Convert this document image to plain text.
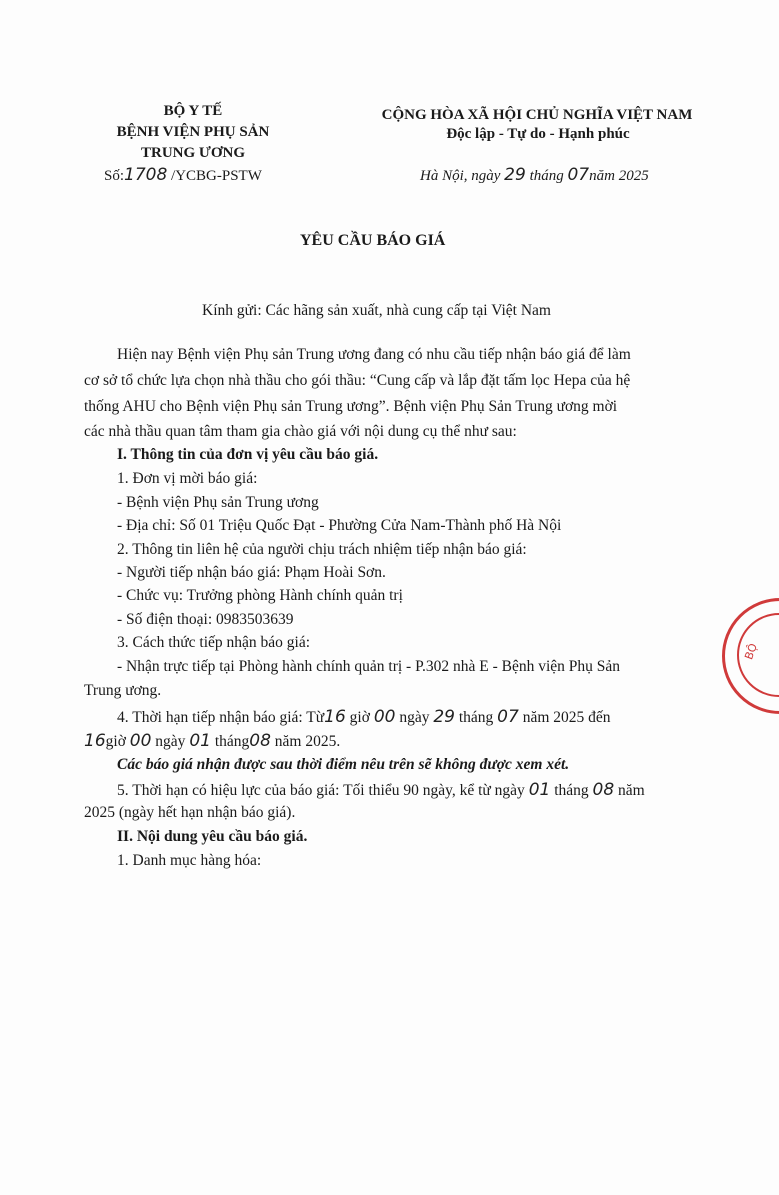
BỘ Y TẾ
BỆNH VIỆN PHỤ SẢN
TRUNG ƯƠNG
Số:1708 /YCBG-PSTW
CỘNG HÒA XÃ HỘI CHỦ NGHĨA VIỆT NAM
Độc lập - Tự do - Hạnh phúc
Hà Nội, ngày 29 tháng 07năm 2025
YÊU CẦU BÁO GIÁ
Kính gửi: Các hãng sản xuất, nhà cung cấp tại Việt Nam
Hiện nay Bệnh viện Phụ sản Trung ương đang có nhu cầu tiếp nhận báo giá để làm
cơ sở tổ chức lựa chọn nhà thầu cho gói thầu: “Cung cấp và lắp đặt tấm lọc Hepa của hệ
thống AHU cho Bệnh viện Phụ sản Trung ương”. Bệnh viện Phụ Sản Trung ương mời
các nhà thầu quan tâm tham gia chào giá với nội dung cụ thể như sau:
I. Thông tin của đơn vị yêu cầu báo giá.
1. Đơn vị mời báo giá:
- Bệnh viện Phụ sản Trung ương
- Địa chỉ: Số 01 Triệu Quốc Đạt - Phường Cửa Nam-Thành phố Hà Nội
2. Thông tin liên hệ của người chịu trách nhiệm tiếp nhận báo giá:
- Người tiếp nhận báo giá: Phạm Hoài Sơn.
- Chức vụ: Trưởng phòng Hành chính quản trị
- Số điện thoại: 0983503639
3. Cách thức tiếp nhận báo giá:
- Nhận trực tiếp tại Phòng hành chính quản trị - P.302 nhà E - Bệnh viện Phụ Sản
Trung ương.
4. Thời hạn tiếp nhận báo giá: Từ16 giờ 00 ngày 29 tháng 07 năm 2025 đến
16giờ 00 ngày 01 tháng08 năm 2025.
Các báo giá nhận được sau thời điểm nêu trên sẽ không được xem xét.
5. Thời hạn có hiệu lực của báo giá: Tối thiểu 90 ngày, kể từ ngày 01 tháng 08 năm
2025 (ngày hết hạn nhận báo giá).
II. Nội dung yêu cầu báo giá.
1. Danh mục hàng hóa:
BỘ
